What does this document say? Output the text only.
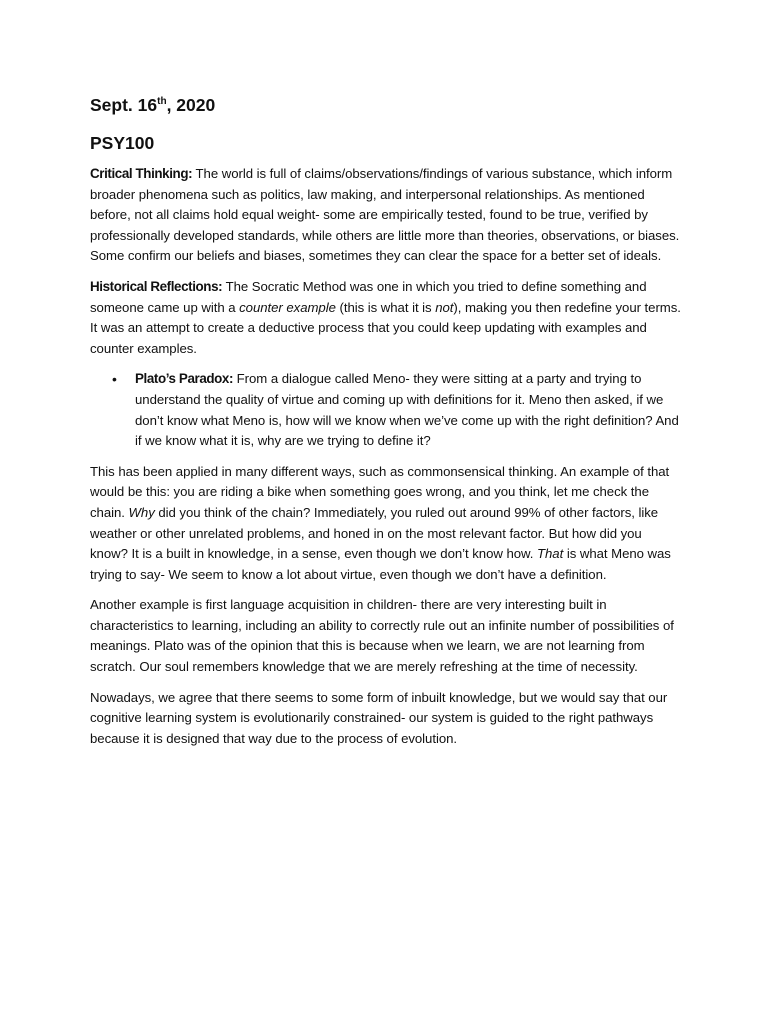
Sept. 16th, 2020
PSY100

Critical Thinking: The world is full of claims/observations/findings of various substance, which inform broader phenomena such as politics, law making, and interpersonal relationships. As mentioned before, not all claims hold equal weight- some are empirically tested, found to be true, verified by professionally developed standards, while others are little more than theories, observations, or biases. Some confirm our beliefs and biases, sometimes they can clear the space for a better set of ideals.

Historical Reflections: The Socratic Method was one in which you tried to define something and someone came up with a counter example (this is what it is not), making you then redefine your terms. It was an attempt to create a deductive process that you could keep updating with examples and counter examples.

• Plato’s Paradox: From a dialogue called Meno- they were sitting at a party and trying to understand the quality of virtue and coming up with definitions for it. Meno then asked, if we don’t know what Meno is, how will we know when we’ve come up with the right definition? And if we know what it is, why are we trying to define it?

This has been applied in many different ways, such as commonsensical thinking. An example of that would be this: you are riding a bike when something goes wrong, and you think, let me check the chain. Why did you think of the chain? Immediately, you ruled out around 99% of other factors, like weather or other unrelated problems, and honed in on the most relevant factor. But how did you know? It is a built in knowledge, in a sense, even though we don’t know how. That is what Meno was trying to say- We seem to know a lot about virtue, even though we don’t have a definition.

Another example is first language acquisition in children- there are very interesting built in characteristics to learning, including an ability to correctly rule out an infinite number of possibilities of meanings. Plato was of the opinion that this is because when we learn, we are not learning from scratch. Our soul remembers knowledge that we are merely refreshing at the time of necessity.

Nowadays, we agree that there seems to some form of inbuilt knowledge, but we would say that our cognitive learning system is evolutionarily constrained- our system is guided to the right pathways because it is designed that way due to the process of evolution.
